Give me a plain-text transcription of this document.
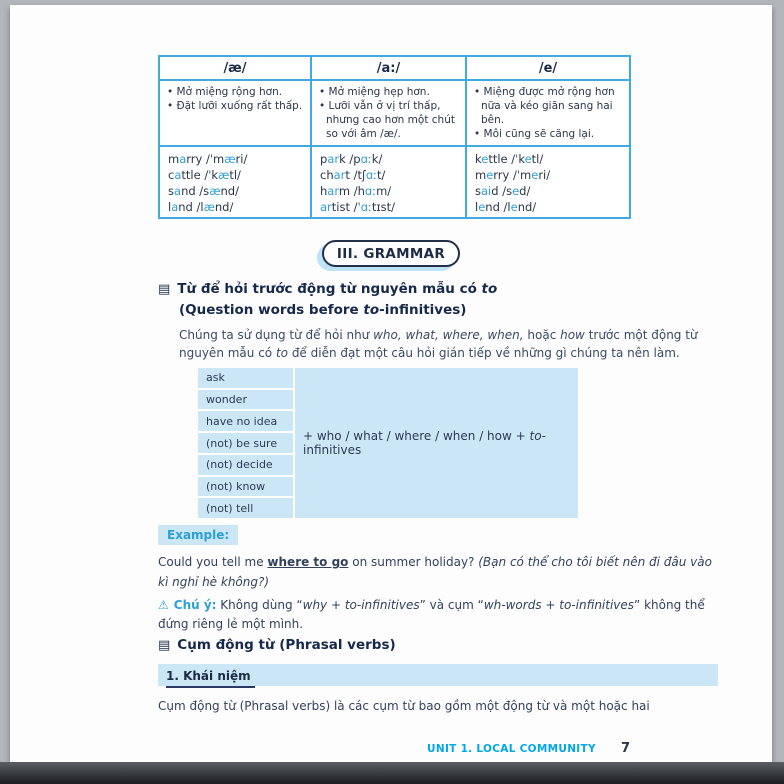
/æ/	/a:/	/e/
• Mở miệng rộng hơn.
• Đặt lưỡi xuống rất thấp.
• Mở miệng hẹp hơn.
• Lưỡi vẫn ở vị trí thấp, nhưng cao hơn một chút so với âm /æ/.
• Miệng được mở rộng hơn nữa và kéo giãn sang hai bên.
• Môi cũng sẽ căng lại.
marry /ˈmæri/
cattle /ˈkætl/
sand /sænd/
land /lænd/
park /pɑːk/
chart /tʃɑːt/
harm /hɑːm/
artist /ˈɑːtɪst/
kettle /ˈketl/
merry /ˈmeri/
said /sed/
lend /lend/
III. GRAMMAR
▤ Từ để hỏi trước động từ nguyên mẫu có to
(Question words before to-infinitives)

Chúng ta sử dụng từ để hỏi như who, what, where, when, hoặc how trước một động từ nguyên mẫu có to để diễn đạt một câu hỏi gián tiếp về những gì chúng ta nên làm.

ask
wonder
have no idea
(not) be sure
(not) decide
(not) know
(not) tell
+ who / what / where / when / how + to-infinitives
Example:

Could you tell me where to go on summer holiday? (Bạn có thể cho tôi biết nên đi đâu vào kì nghỉ hè không?)

⚠ Chú ý: Không dùng “why + to-infinitives” và cụm “wh-words + to-infinitives” không thể đứng riêng lẻ một mình.

▤ Cụm động từ (Phrasal verbs)
1. Khái niệm

Cụm động từ (Phrasal verbs) là các cụm từ bao gồm một động từ và một hoặc hai

UNIT 1. LOCAL COMMUNITY 7
